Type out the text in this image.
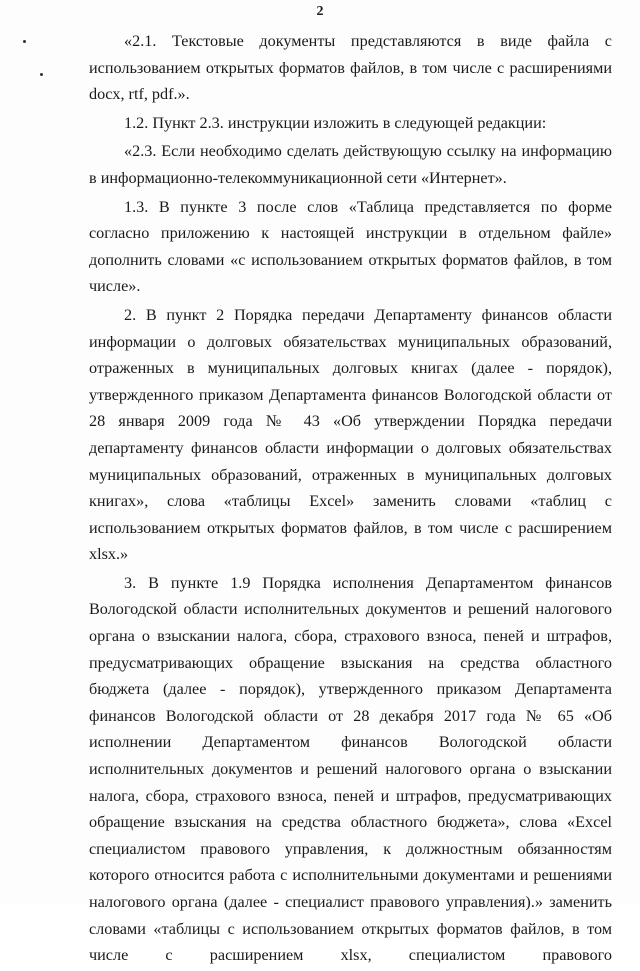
2

«2.1. Текстовые документы представляются в виде файла с использованием открытых форматов файлов, в том числе с расширениями docx, rtf, pdf.».

1.2. Пункт 2.3. инструкции изложить в следующей редакции:

«2.3. Если необходимо сделать действующую ссылку на информацию в информационно-телекоммуникационной сети «Интернет».

1.3. В пункте 3 после слов «Таблица представляется по форме согласно приложению к настоящей инструкции в отдельном файле» дополнить словами «с использованием открытых форматов файлов, в том числе».

2. В пункт 2 Порядка передачи Департаменту финансов области информации о долговых обязательствах муниципальных образований, отраженных в муниципальных долговых книгах (далее - порядок), утвержденного приказом Департамента финансов Вологодской области от 28 января 2009 года № 43 «Об утверждении Порядка передачи департаменту финансов области информации о долговых обязательствах муниципальных образований, отраженных в муниципальных долговых книгах», слова «таблицы Excel» заменить словами «таблиц с использованием открытых форматов файлов, в том числе с расширением xlsx.»

3. В пункте 1.9 Порядка исполнения Департаментом финансов Вологодской области исполнительных документов и решений налогового органа о взыскании налога, сбора, страхового взноса, пеней и штрафов, предусматривающих обращение взыскания на средства областного бюджета (далее - порядок), утвержденного приказом Департамента финансов Вологодской области от 28 декабря 2017 года № 65 «Об исполнении Департаментом финансов Вологодской области исполнительных документов и решений налогового органа о взыскании налога, сбора, страхового взноса, пеней и штрафов, предусматривающих обращение взыскания на средства областного бюджета», слова «Excel специалистом правового управления, к должностным обязанностям которого относится работа с исполнительными документами и решениями налогового органа (далее - специалист правового управления).» заменить словами «таблицы с использованием открытых форматов файлов, в том числе с расширением xlsx, специалистом правового
